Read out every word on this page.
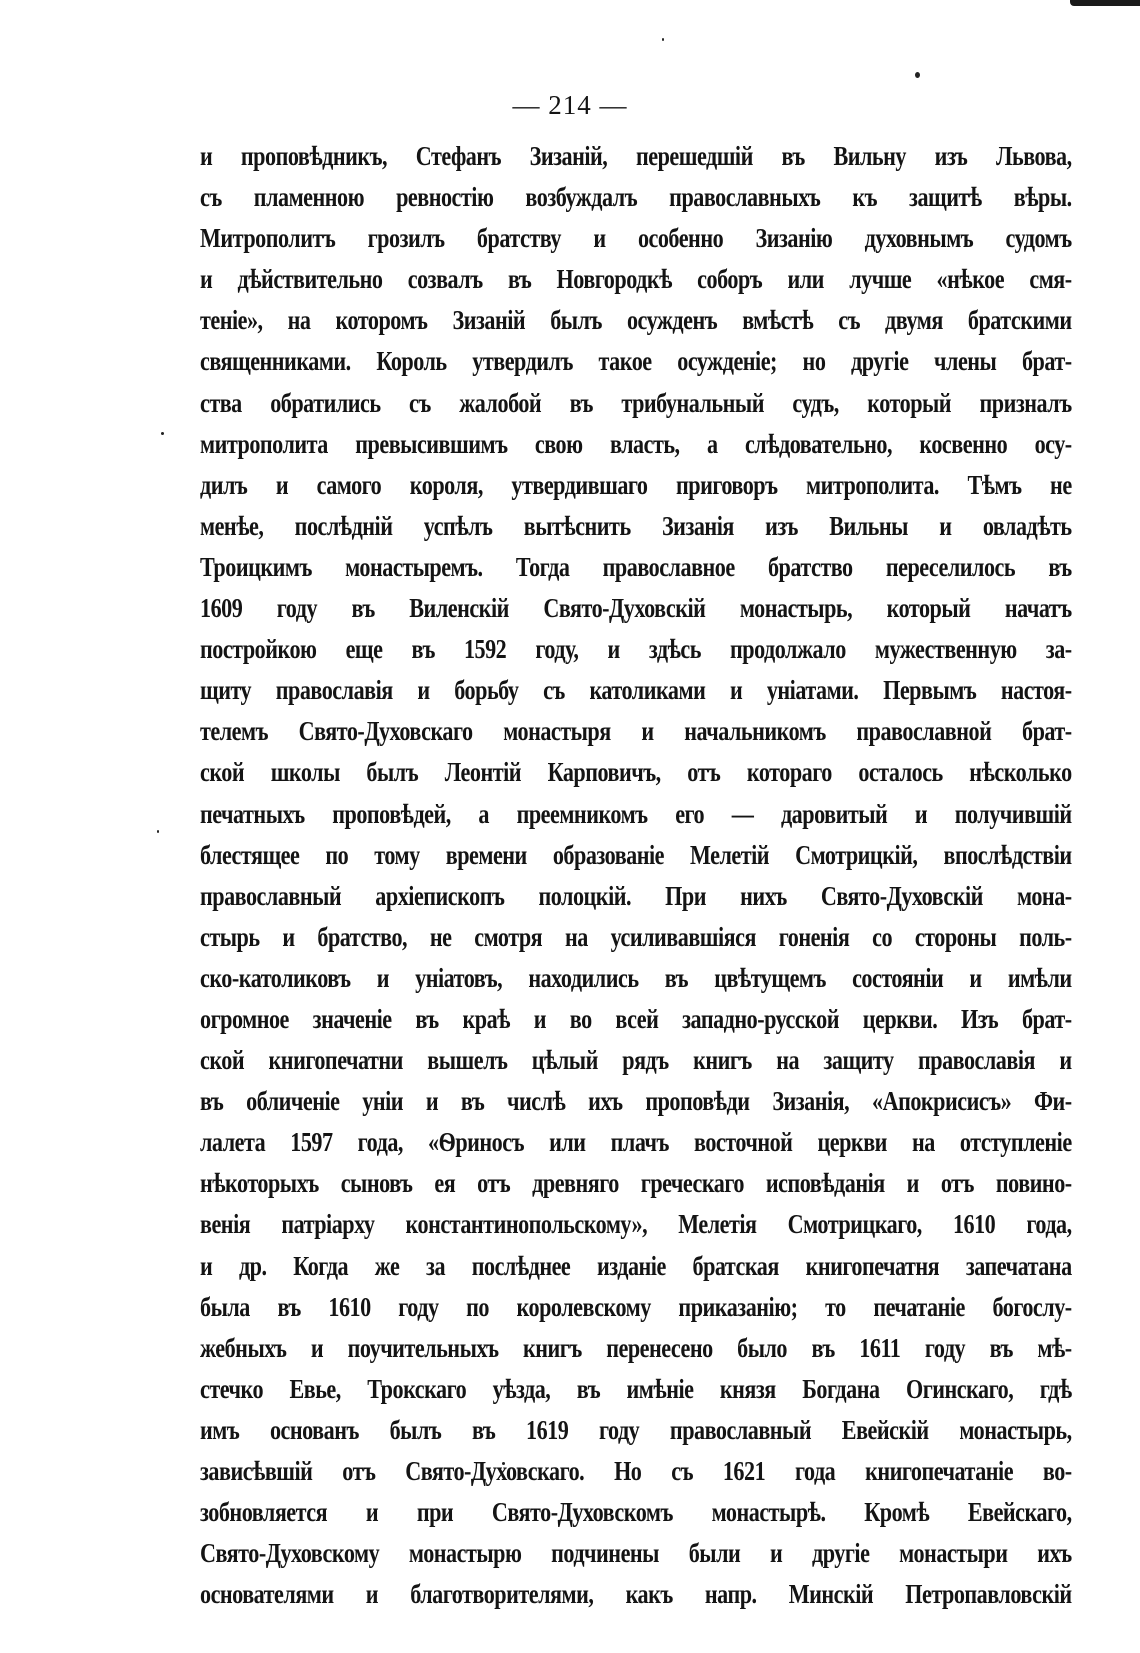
— 214 —
и проповѣдникъ, Стефанъ Зизаній, перешедшій въ Вильну изъ Львова,
съ пламенною ревностію возбуждалъ православныхъ къ защитѣ вѣры.
Митрополитъ грозилъ братству и особенно Зизанію духовнымъ судомъ
и дѣйствительно созвалъ въ Новгородкѣ соборъ или лучше «нѣкое смя-
теніе», на которомъ Зизаній былъ осужденъ вмѣстѣ съ двумя братскими
священниками. Король утвердилъ такое осужденіе; но другіе члены брат-
ства обратились съ жалобой въ трибунальный судъ, который призналъ
митрополита превысившимъ свою власть, а слѣдовательно, косвенно осу-
дилъ и самого короля, утвердившаго приговоръ митрополита. Тѣмъ не
менѣе, послѣдній успѣлъ вытѣснить Зизанія изъ Вильны и овладѣть
Троицкимъ монастыремъ. Тогда православное братство переселилось въ
1609 году въ Виленскій Свято-Духовскій монастырь, который начатъ
постройкою еще въ 1592 году, и здѣсь продолжало мужественную за-
щиту православія и борьбу съ католиками и уніатами. Первымъ настоя-
телемъ Свято-Духовскаго монастыря и начальникомъ православной брат-
ской школы былъ Леонтій Карповичъ, отъ котораго осталось нѣсколько
печатныхъ проповѣдей, а преемникомъ его — даровитый и получившій
блестящее по тому времени образованіе Мелетій Смотрицкій, впослѣдствіи
православный архіепископъ полоцкій. При нихъ Свято-Духовскій мона-
стырь и братство, не смотря на усиливавшіяся гоненія со стороны поль-
ско-католиковъ и уніатовъ, находились въ цвѣтущемъ состояніи и имѣли
огромное значеніе въ краѣ и во всей западно-русской церкви. Изъ брат-
ской книгопечатни вышелъ цѣлый рядъ книгъ на защиту православія и
въ обличеніе уніи и въ числѣ ихъ проповѣди Зизанія, «Апокрисисъ» Фи-
лалета 1597 года, «Ѳриносъ или плачъ восточной церкви на отступленіе
нѣкоторыхъ сыновъ ея отъ древняго греческаго исповѣданія и отъ повино-
венія патріарху константинопольскому», Мелетія Смотрицкаго, 1610 года,
и др. Когда же за послѣднее изданіе братская книгопечатня запечатана
была въ 1610 году по королевскому приказанію; то печатаніе богослу-
жебныхъ и поучительныхъ книгъ перенесено было въ 1611 году въ мѣ-
стечко Евье, Трокскаго уѣзда, въ имѣніе князя Богдана Огинскаго, гдѣ
имъ основанъ былъ въ 1619 году православный Евейскій монастырь,
зависѣвшій отъ Свято-Духовскаго. Но съ 1621 года книгопечатаніе во-
зобновляется и при Свято-Духовскомъ монастырѣ. Кромѣ Евейскаго,
Свято-Духовскому монастырю подчинены были и другіе монастыри ихъ
основателями и благотворителями, какъ напр. Минскій Петропавловскій
